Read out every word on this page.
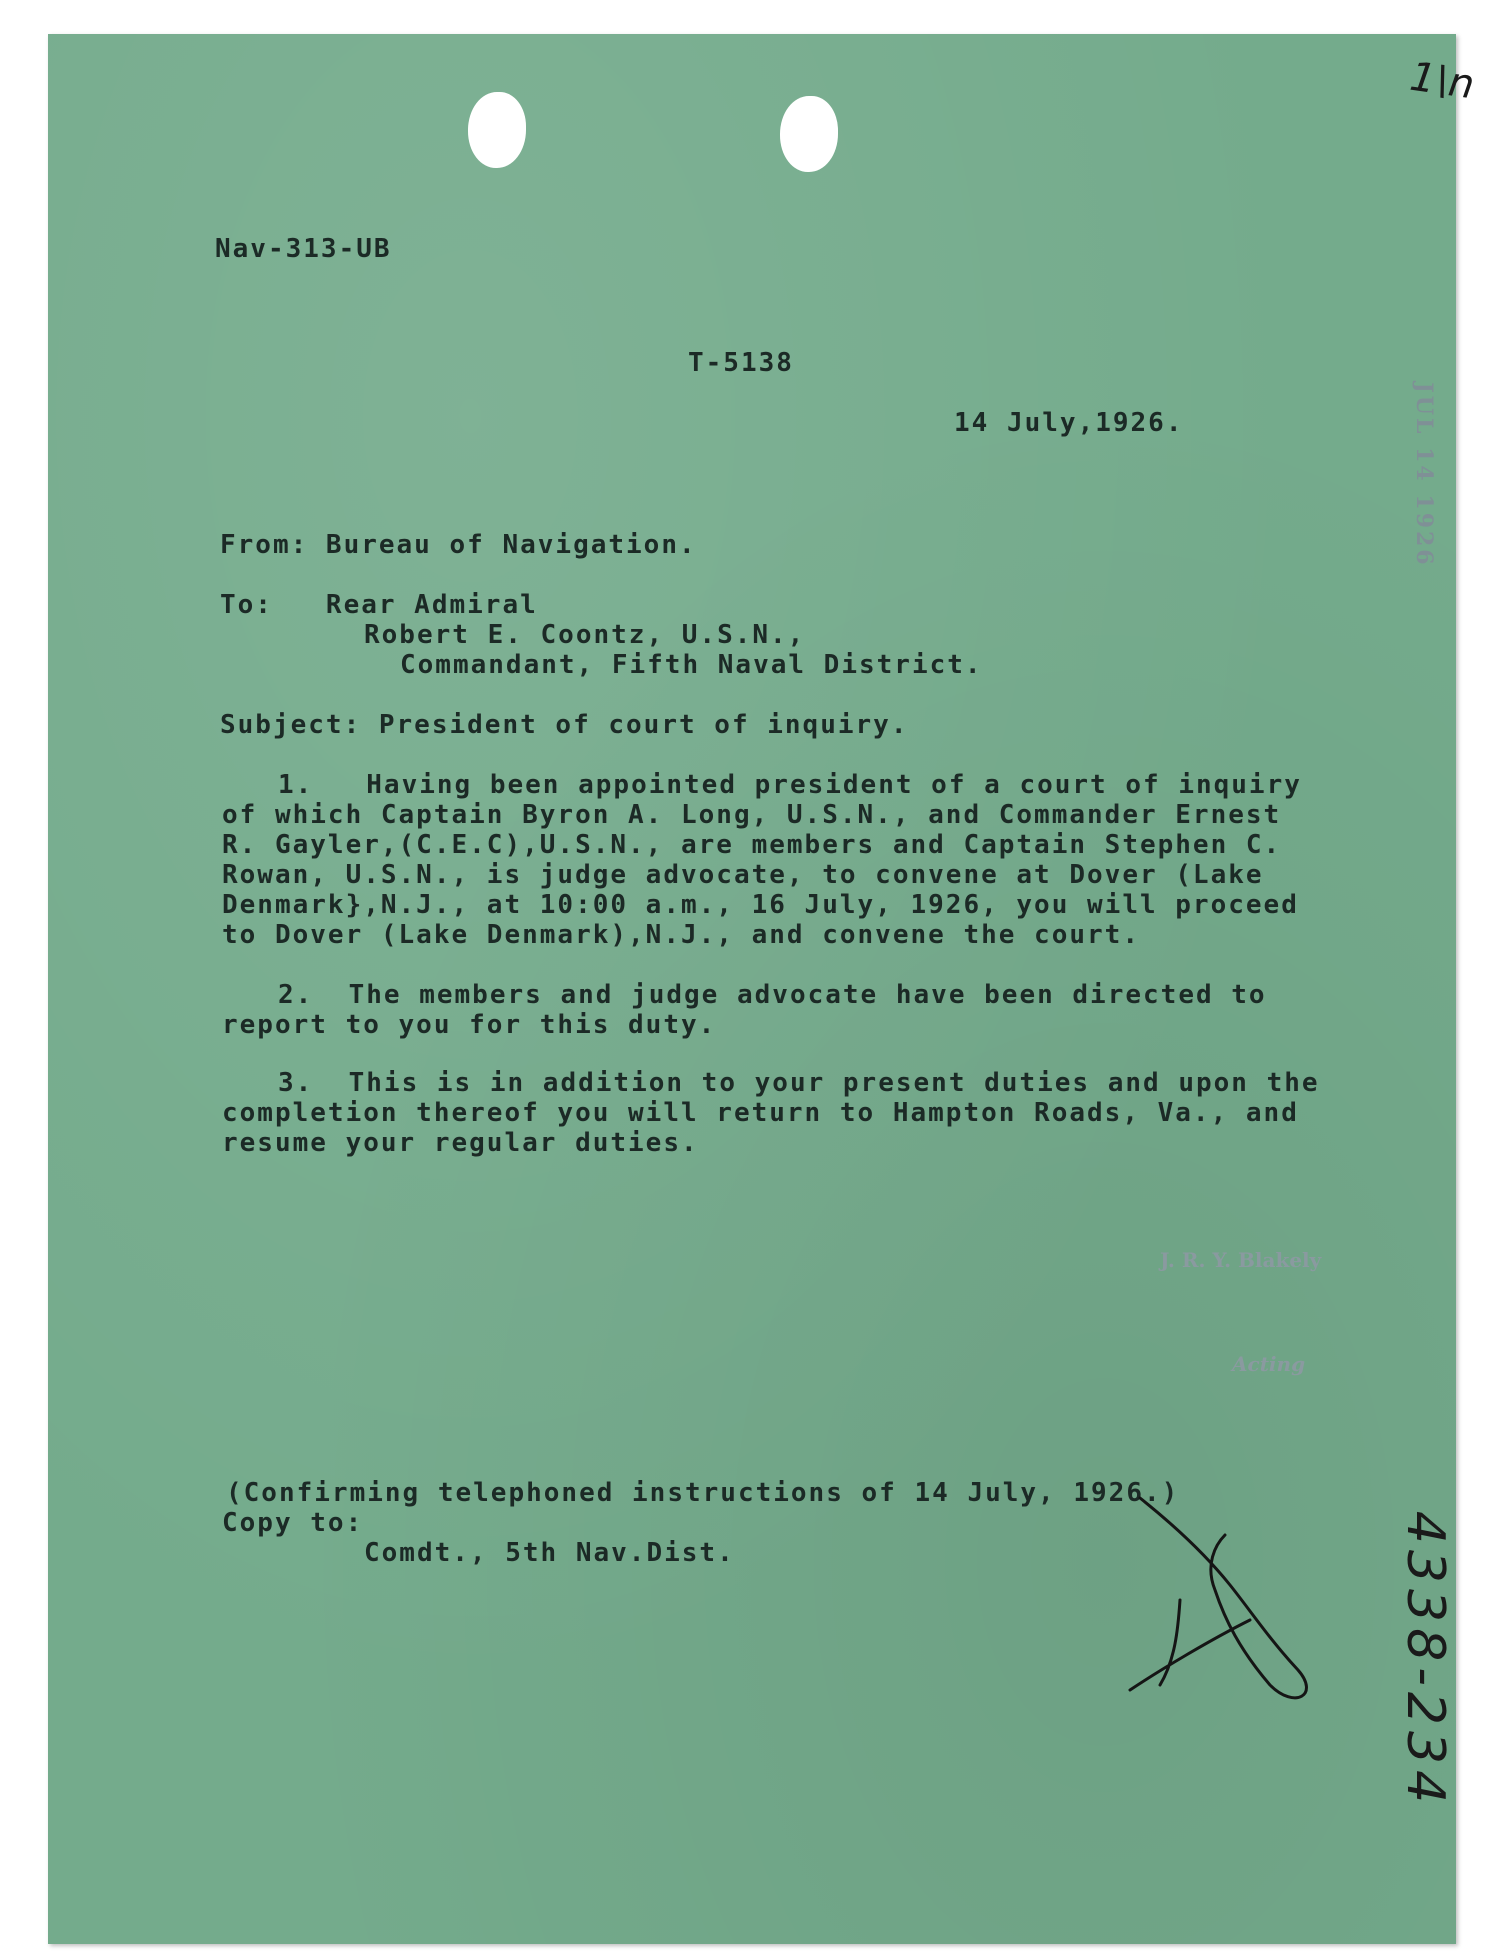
Nav-313-UB
T-5138
14 July,1926.
From: Bureau of Navigation.
To:   Rear Admiral
Robert E. Coontz, U.S.N.,
Commandant, Fifth Naval District.
Subject: President of court of inquiry.
1.   Having been appointed president of a court of inquiry
of which Captain Byron A. Long, U.S.N., and Commander Ernest
R. Gayler,(C.E.C),U.S.N., are members and Captain Stephen C.
Rowan, U.S.N., is judge advocate, to convene at Dover (Lake
Denmark},N.J., at 10:00 a.m., 16 July, 1926, you will proceed
to Dover (Lake Denmark),N.J., and convene the court.
2.  The members and judge advocate have been directed to
report to you for this duty.
3.  This is in addition to your present duties and upon the
completion thereof you will return to Hampton Roads, Va., and
resume your regular duties.
J. R. Y. Blakely
Acting
(Confirming telephoned instructions of 14 July, 1926.)
Copy to:
Comdt., 5th Nav.Dist.
JUL 14 1926
1\n
4338-234
